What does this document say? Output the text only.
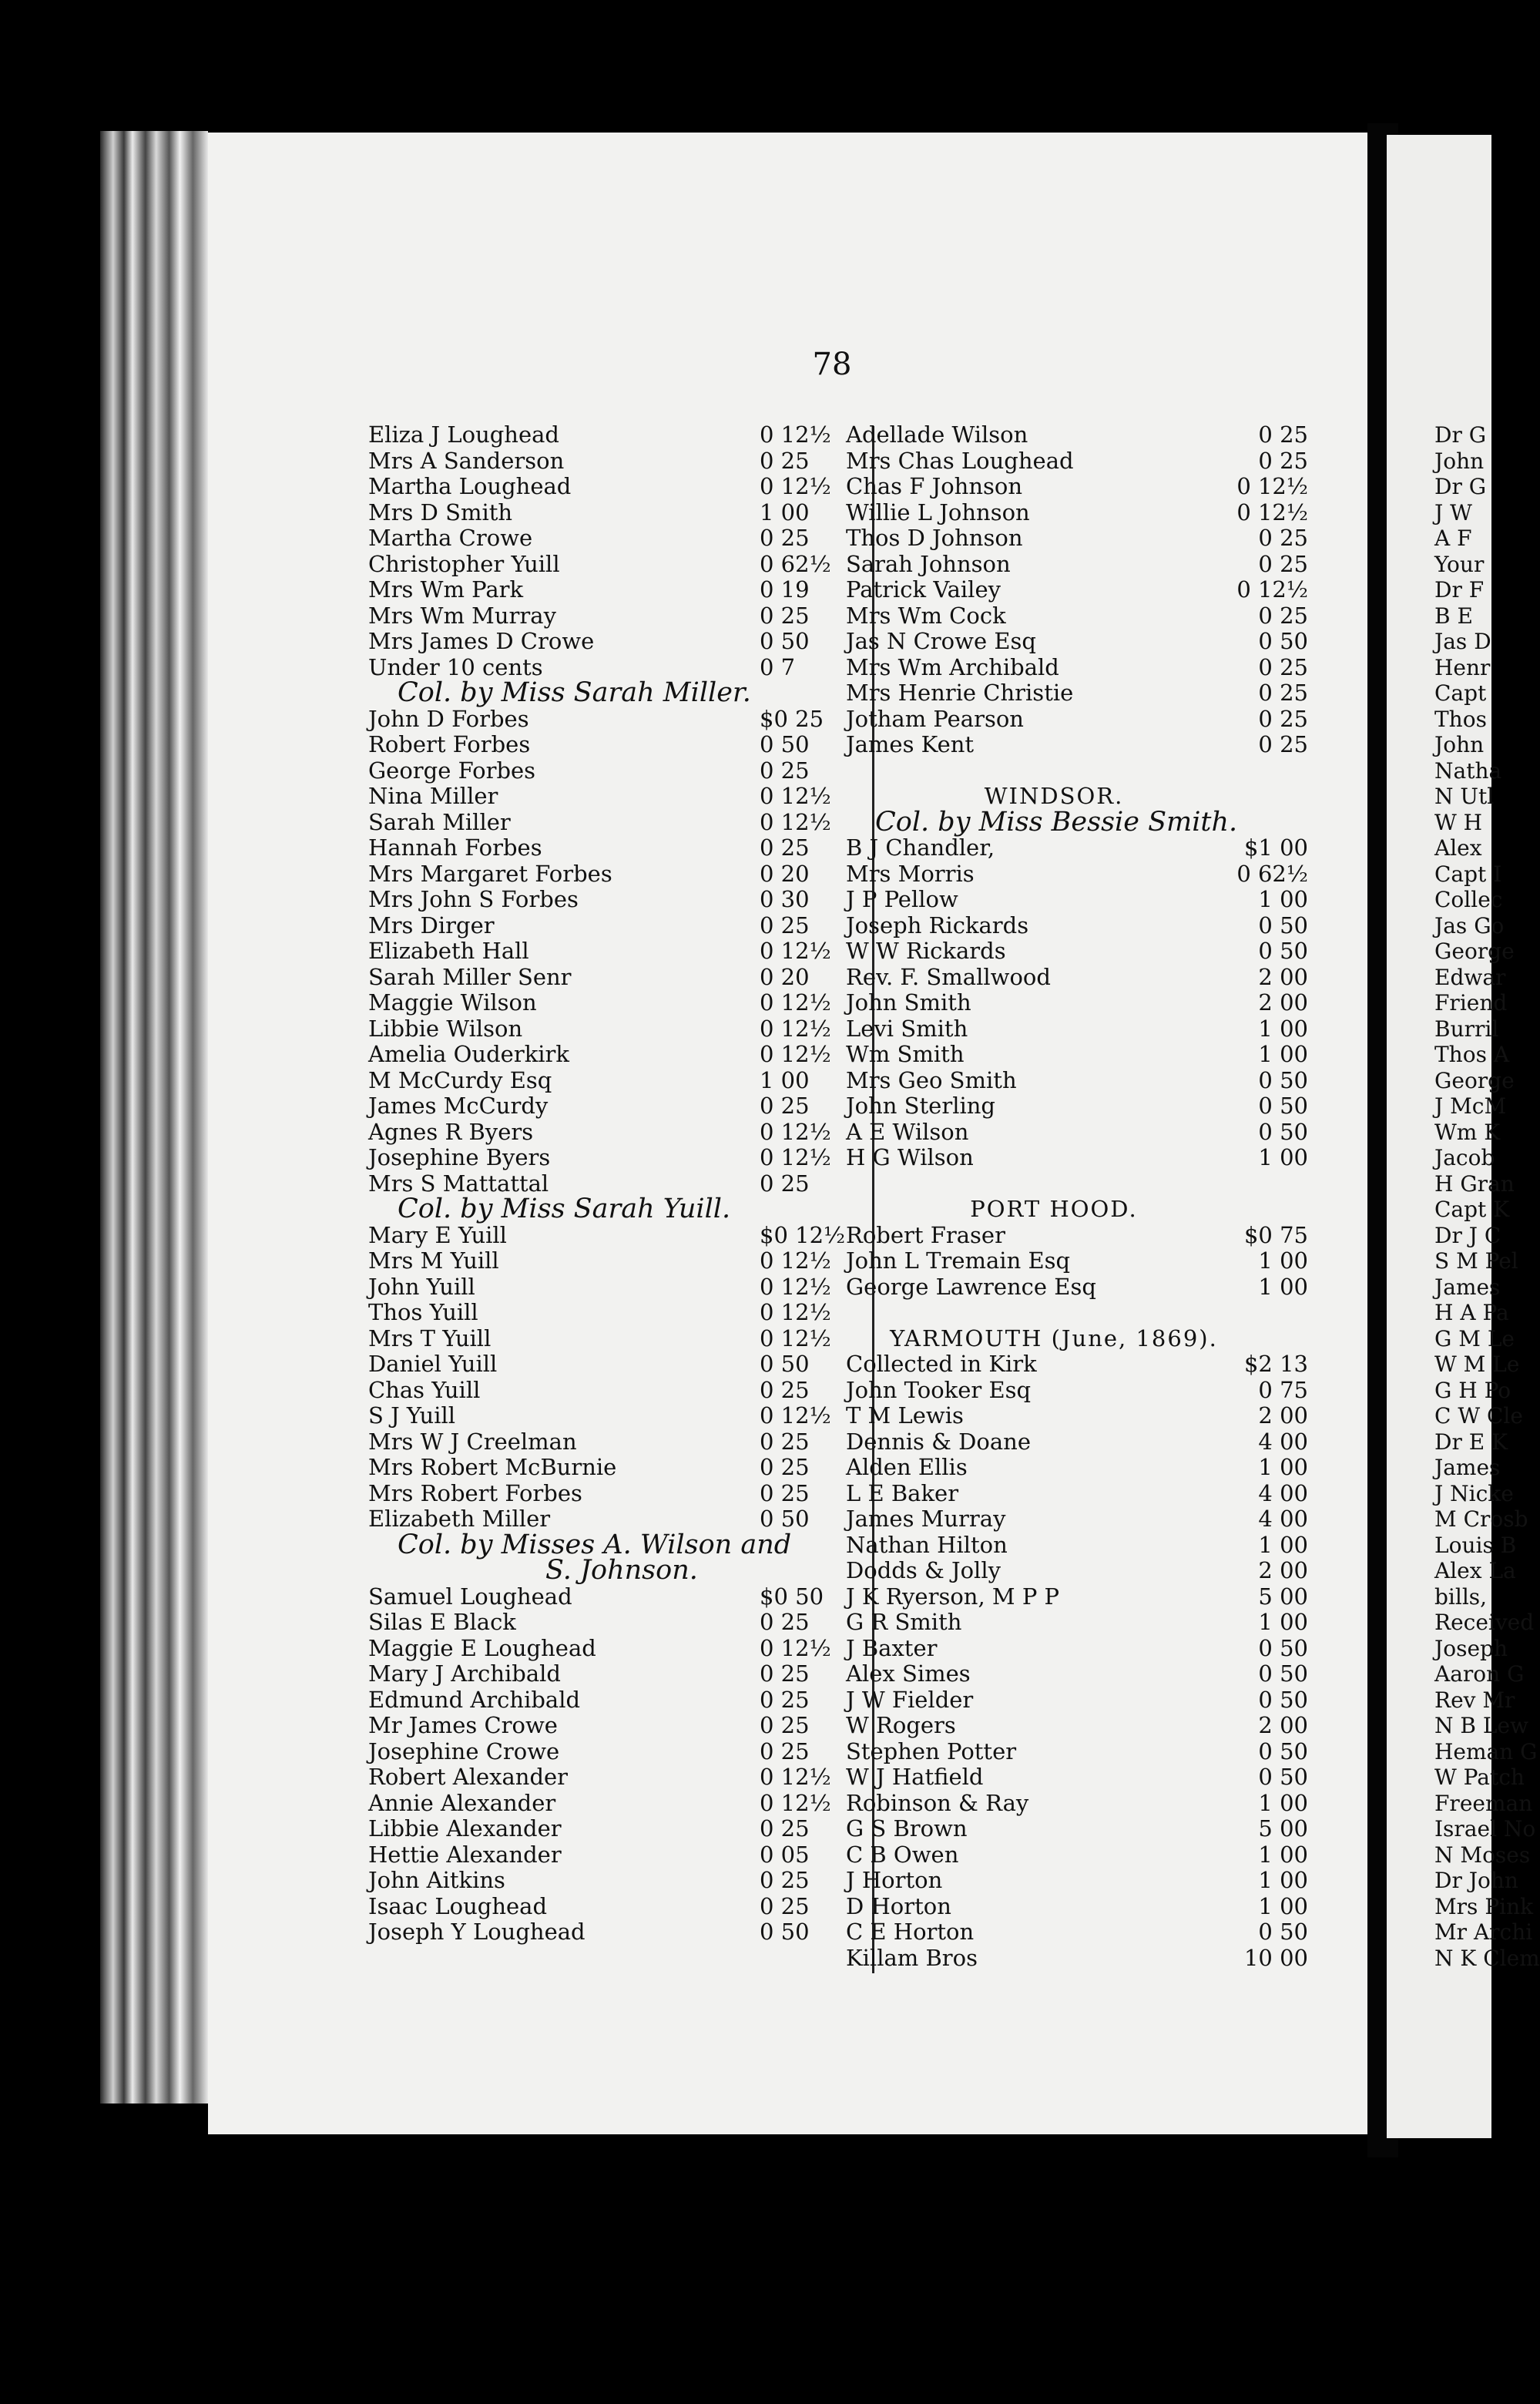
Dr G
John
Dr G
J W
A F
Your
Dr F
B E
Jas D
Henr
Capt
Thos
John
Natha
N Utl
W H
Alex
Capt I
Collec
Jas Go
George
Edwar
Friend
Burril
Thos A
George
J McM
Wm K
Jacob
H Gran
Capt K
Dr J C
S M Pel
James
H A Pa
G M Le
W M Le
G H Po
C W Cle
Dr E K
James
J Nicke
M Crosb
Louis B
Alex La
bills,
Received
Joseph
Aaron G
Rev Mr
N B Lew
Heman G
W Patch
Freeman
Israel No
N Moses
Dr John
Mrs Pink
Mr Archi
N K Clem
78
Eliza J Loughead	0 12½
Mrs A Sanderson	0 25
Martha Loughead	0 12½
Mrs D Smith	1 00
Martha Crowe	0 25
Christopher Yuill	0 62½
Mrs Wm Park	0 19
Mrs Wm Murray	0 25
Mrs James D Crowe	0 50
Under 10 cents	0 7
Col. by Miss Sarah Miller.
John D Forbes	$0 25
Robert Forbes	0 50
George Forbes	0 25
Nina Miller	0 12½
Sarah Miller	0 12½
Hannah Forbes	0 25
Mrs Margaret Forbes	0 20
Mrs John S Forbes	0 30
Mrs Dirger	0 25
Elizabeth Hall	0 12½
Sarah Miller Senr	0 20
Maggie Wilson	0 12½
Libbie Wilson	0 12½
Amelia Ouderkirk	0 12½
M McCurdy Esq	1 00
James McCurdy	0 25
Agnes R Byers	0 12½
Josephine Byers	0 12½
Mrs S Mattattal	0 25
Col. by Miss Sarah Yuill.
Mary E Yuill	$0 12½
Mrs M Yuill	0 12½
John Yuill	0 12½
Thos Yuill	0 12½
Mrs T Yuill	0 12½
Daniel Yuill	0 50
Chas Yuill	0 25
S J Yuill	0 12½
Mrs W J Creelman	0 25
Mrs Robert McBurnie	0 25
Mrs Robert Forbes	0 25
Elizabeth Miller	0 50
Col. by Misses A. Wilson and
S. Johnson.
Samuel Loughead	$0 50
Silas E Black	0 25
Maggie E Loughead	0 12½
Mary J Archibald	0 25
Edmund Archibald	0 25
Mr James Crowe	0 25
Josephine Crowe	0 25
Robert Alexander	0 12½
Annie Alexander	0 12½
Libbie Alexander	0 25
Hettie Alexander	0 05
John Aitkins	0 25
Isaac Loughead	0 25
Joseph Y Loughead	0 50
Adellade Wilson	0 25
Mrs Chas Loughead	0 25
Chas F Johnson	0 12½
Willie L Johnson	0 12½
Thos D Johnson	0 25
Sarah Johnson	0 25
Patrick Vailey	0 12½
Mrs Wm Cock	0 25
Jas N Crowe Esq	0 50
Mrs Wm Archibald	0 25
Mrs Henrie Christie	0 25
Jotham Pearson	0 25
James Kent	0 25
WINDSOR.
Col. by Miss Bessie Smith.
B J Chandler,	$1 00
Mrs Morris	0 62½
J P Pellow	1 00
Joseph Rickards	0 50
W W Rickards	0 50
Rev. F. Smallwood	2 00
John Smith	2 00
Levi Smith	1 00
Wm Smith	1 00
Mrs Geo Smith	0 50
John Sterling	0 50
A E Wilson	0 50
H G Wilson	1 00
PORT HOOD.
Robert Fraser	$0 75
John L Tremain Esq	1 00
George Lawrence Esq	1 00
YARMOUTH (June, 1869).
Collected in Kirk	$2 13
John Tooker Esq	0 75
T M Lewis	2 00
Dennis & Doane	4 00
Alden Ellis	1 00
L E Baker	4 00
James Murray	4 00
Nathan Hilton	1 00
Dodds & Jolly	2 00
J K Ryerson, M P P	5 00
G R Smith	1 00
J Baxter	0 50
Alex Simes	0 50
J W Fielder	0 50
W Rogers	2 00
Stephen Potter	0 50
W J Hatfield	0 50
Robinson & Ray	1 00
G S Brown	5 00
C B Owen	1 00
J Horton	1 00
D Horton	1 00
C E Horton	0 50
Killam Bros	10 00
